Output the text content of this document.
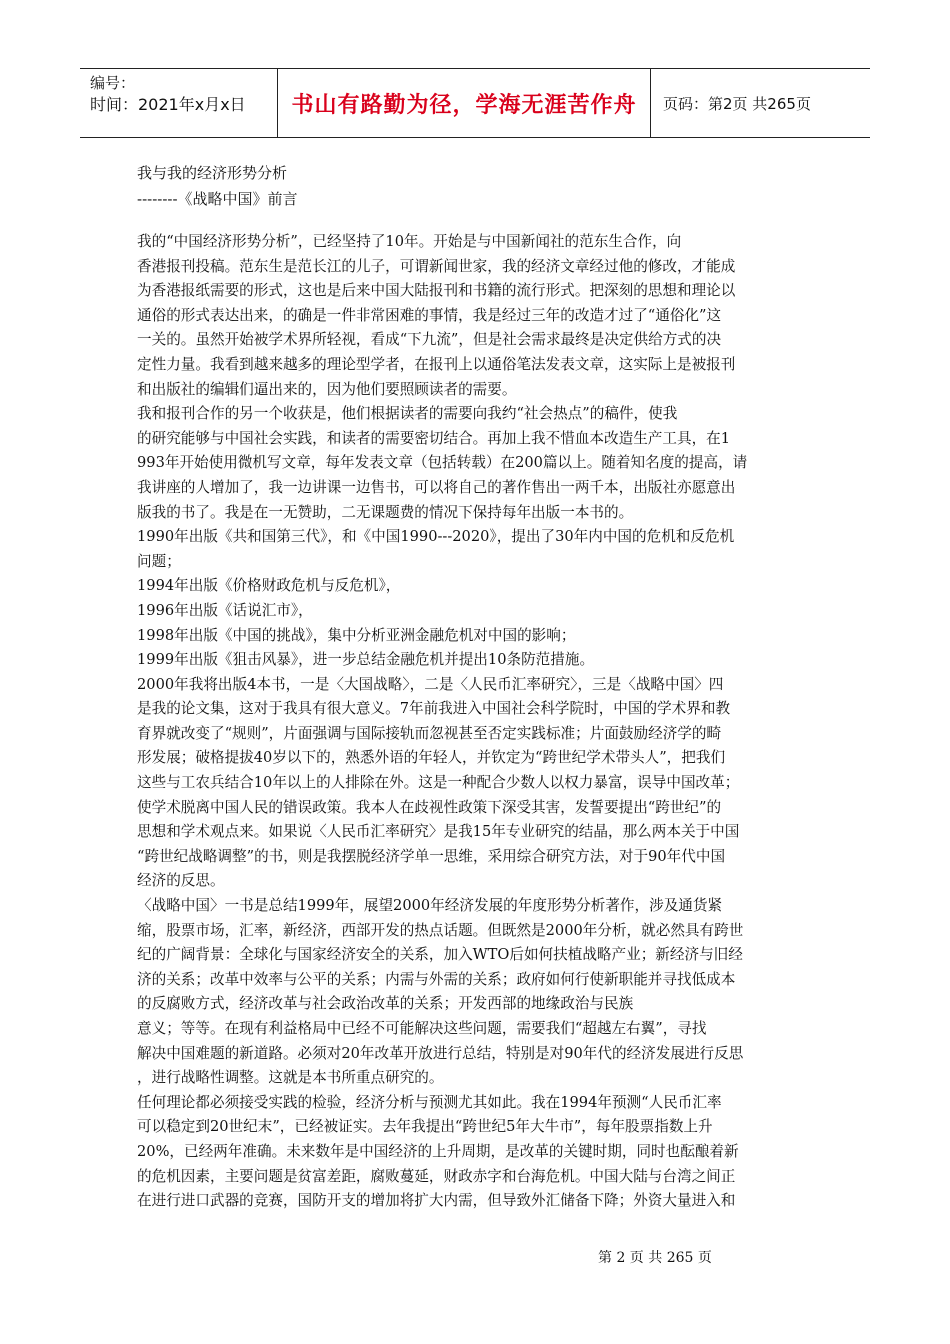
编号：
时间：2021年x月x日	书山有路勤为径，学海无涯苦作舟	页码：第2页 共265页
我与我的经济形势分析
--------《战略中国》前言
我的“中国经济形势分析”，已经坚持了10年。开始是与中国新闻社的范东生合作，向
香港报刊投稿。范东生是范长江的儿子，可谓新闻世家，我的经济文章经过他的修改，才能成
为香港报纸需要的形式，这也是后来中国大陆报刊和书籍的流行形式。把深刻的思想和理论以
通俗的形式表达出来，的确是一件非常困难的事情，我是经过三年的改造才过了“通俗化”这
一关的。虽然开始被学术界所轻视，看成“下九流”，但是社会需求最终是决定供给方式的决
定性力量。我看到越来越多的理论型学者，在报刊上以通俗笔法发表文章，这实际上是被报刊
和出版社的编辑们逼出来的，因为他们要照顾读者的需要。
我和报刊合作的另一个收获是，他们根据读者的需要向我约“社会热点”的稿件，使我
的研究能够与中国社会实践，和读者的需要密切结合。再加上我不惜血本改造生产工具，在1
993年开始使用微机写文章，每年发表文章（包括转载）在200篇以上。随着知名度的提高，请
我讲座的人增加了，我一边讲课一边售书，可以将自己的著作售出一两千本，出版社亦愿意出
版我的书了。我是在一无赞助，二无课题费的情况下保持每年出版一本书的。
1990年出版《共和国第三代》，和《中国1990---2020》，提出了30年内中国的危机和反危机
问题；
1994年出版《价格财政危机与反危机》，
1996年出版《话说汇市》，
1998年出版《中国的挑战》，集中分析亚洲金融危机对中国的影响；
1999年出版《狙击风暴》，进一步总结金融危机并提出10条防范措施。
2000年我将出版4本书，一是〈大国战略〉，二是〈人民币汇率研究〉，三是〈战略中国〉四
是我的论文集，这对于我具有很大意义。7年前我进入中国社会科学院时，中国的学术界和教
育界就改变了“规则”，片面强调与国际接轨而忽视甚至否定实践标准；片面鼓励经济学的畸
形发展；破格提拔40岁以下的，熟悉外语的年轻人，并钦定为“跨世纪学术带头人”，把我们
这些与工农兵结合10年以上的人排除在外。这是一种配合少数人以权力暴富，误导中国改革；
使学术脱离中国人民的错误政策。我本人在歧视性政策下深受其害，发誓要提出“跨世纪”的
思想和学术观点来。如果说〈人民币汇率研究〉是我15年专业研究的结晶，那么两本关于中国
“跨世纪战略调整”的书，则是我摆脱经济学单一思维，采用综合研究方法，对于90年代中国
经济的反思。
〈战略中国〉一书是总结1999年，展望2000年经济发展的年度形势分析著作，涉及通货紧
缩，股票市场，汇率，新经济，西部开发的热点话题。但既然是2000年分析，就必然具有跨世
纪的广阔背景：全球化与国家经济安全的关系，加入WTO后如何扶植战略产业；新经济与旧经
济的关系；改革中效率与公平的关系；内需与外需的关系；政府如何行使新职能并寻找低成本
的反腐败方式，经济改革与社会政治改革的关系；开发西部的地缘政治与民族
意义；等等。在现有利益格局中已经不可能解决这些问题，需要我们“超越左右翼”，寻找
解决中国难题的新道路。必须对20年改革开放进行总结，特别是对90年代的经济发展进行反思
，进行战略性调整。这就是本书所重点研究的。
任何理论都必须接受实践的检验，经济分析与预测尤其如此。我在1994年预测“人民币汇率
可以稳定到20世纪末”，已经被证实。去年我提出“跨世纪5年大牛市”，每年股票指数上升
20%，已经两年准确。未来数年是中国经济的上升周期，是改革的关键时期，同时也酝酿着新
的危机因素，主要问题是贫富差距，腐败蔓延，财政赤字和台海危机。中国大陆与台湾之间正
在进行进口武器的竞赛，国防开支的增加将扩大内需，但导致外汇储备下降；外资大量进入和
第 2 页 共 265 页
